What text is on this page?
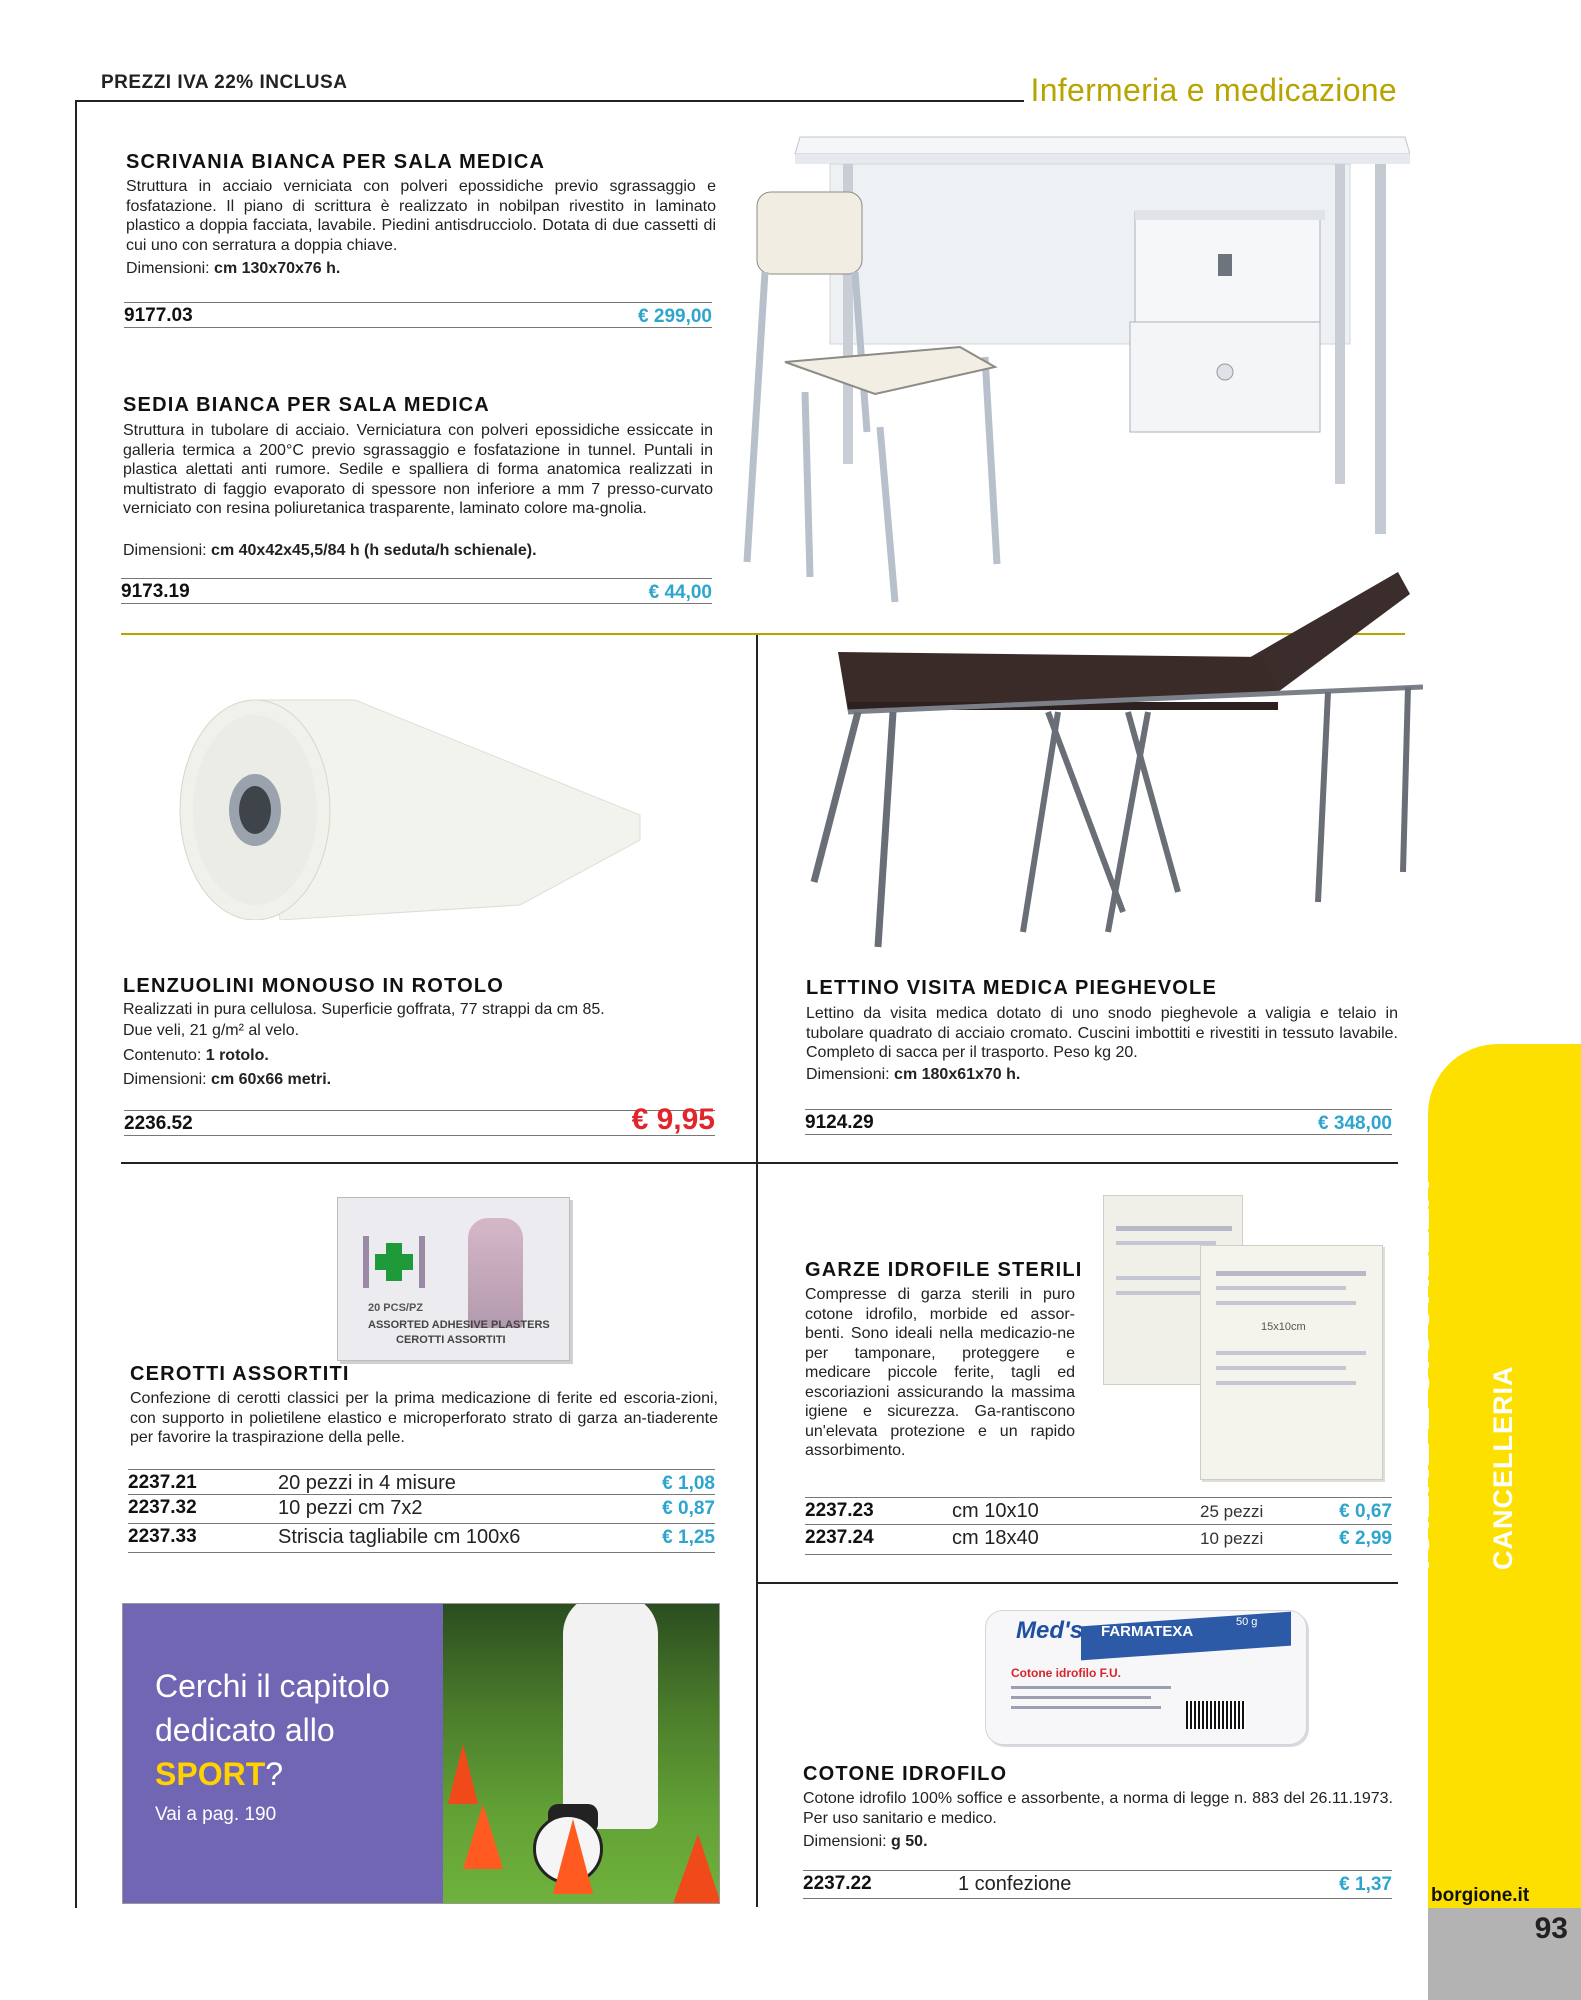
PREZZI IVA 22% INCLUSA	Infermeria e medicazione
IGIENE E SICUREZZA CANCELLERIA
borgione.it
93
SCRIVANIA BIANCA PER SALA MEDICA
Struttura in acciaio verniciata con polveri epossidiche previo sgrassaggio e fosfatazione. Il piano di scrittura è realizzato in nobilpan rivestito in laminato plastico a doppia facciata, lavabile. Piedini antisdrucciolo. Dotata di due cassetti di cui uno con serratura a doppia chiave.
Dimensioni: cm 130x70x76 h.
9177.03	€ 299,00
SEDIA BIANCA PER SALA MEDICA
Struttura in tubolare di acciaio. Verniciatura con polveri epossidiche essiccate in galleria termica a 200°C previo sgrassaggio e fosfatazione in tunnel. Puntali in plastica alettati anti rumore. Sedile e spalliera di forma anatomica realizzati in multistrato di faggio evaporato di spessore non inferiore a mm 7 presso-curvato verniciato con resina poliuretanica trasparente, laminato colore ma-gnolia.
Dimensioni: cm 40x42x45,5/84 h (h seduta/h schienale).
9173.19	€ 44,00
LENZUOLINI MONOUSO IN ROTOLO
Realizzati in pura cellulosa. Superficie goffrata, 77 strappi da cm 85.
Due veli, 21 g/m² al velo.
Contenuto: 1 rotolo.
Dimensioni: cm 60x66 metri.
2236.52	€ 9,95
LETTINO VISITA MEDICA PIEGHEVOLE
Lettino da visita medica dotato di uno snodo pieghevole a valigia e telaio in tubolare quadrato di acciaio cromato. Cuscini imbottiti e rivestiti in tessuto lavabile. Completo di sacca per il trasporto. Peso kg 20.
Dimensioni: cm 180x61x70 h.
9124.29	€ 348,00
20 PCS/PZ
ASSORTED ADHESIVE PLASTERS
CEROTTI ASSORTITI
CEROTTI ASSORTITI
Confezione di cerotti classici per la prima medicazione di ferite ed escoria-zioni, con supporto in polietilene elastico e microperforato strato di garza an-tiaderente per favorire la traspirazione della pelle.
2237.21	20 pezzi in 4 misure	€ 1,08
2237.32	10 pezzi cm 7x2	€ 0,87
2237.33	Striscia tagliabile cm 100x6	€ 1,25
GARZE IDROFILE STERILI
Compresse di garza sterili in puro cotone idrofilo, morbide ed assor-benti. Sono ideali nella medicazio-ne per tamponare, proteggere e medicare piccole ferite, tagli ed escoriazioni assicurando la massima igiene e sicurezza. Ga-rantiscono un'elevata protezione e un rapido assorbimento.
15x10cm
2237.23	cm 10x10	25 pezzi	€ 0,67
2237.24	cm 18x40	10 pezzi	€ 2,99
Cerchi il capitolo
dedicato allo
SPORT?
Vai a pag. 190
Med's FARMATEXA
50 g
Cotone idrofilo F.U.
COTONE IDROFILO
Cotone idrofilo 100% soffice e assorbente, a norma di legge n. 883 del 26.11.1973. Per uso sanitario e medico.
Dimensioni: g 50.
2237.22	1 confezione	€ 1,37
